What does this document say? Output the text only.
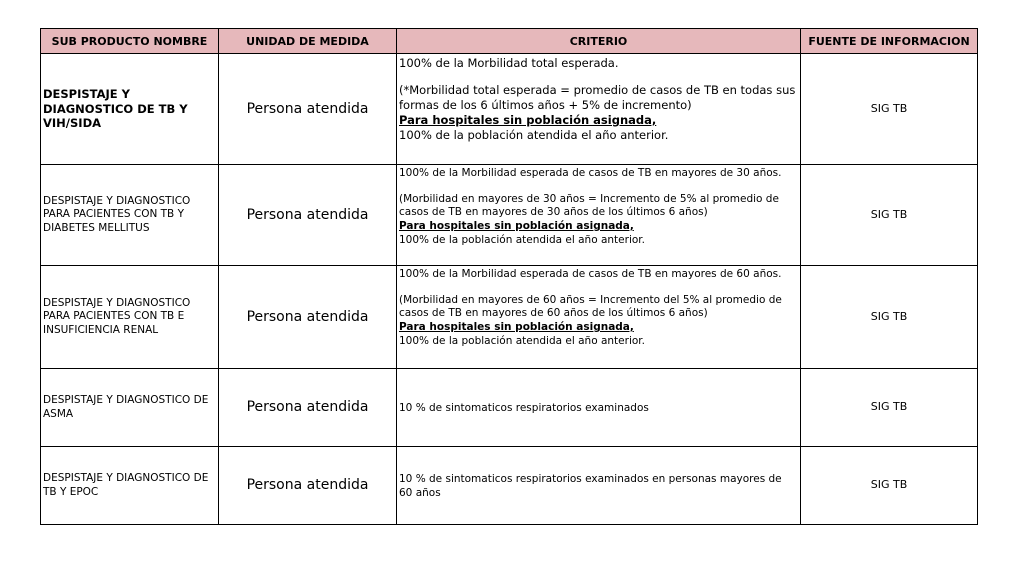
SUB PRODUCTO NOMBRE	UNIDAD DE MEDIDA	CRITERIO	FUENTE DE INFORMACION
DESPISTAJE Y DIAGNOSTICO DE TB Y VIH/SIDA	Persona atendida	100% de la Morbilidad total esperada.
(*Morbilidad total esperada = promedio de casos de TB en todas sus formas de los 6 últimos años + 5% de incremento)
Para hospitales sin población asignada,
100% de la población atendida el año anterior.	SIG TB
DESPISTAJE Y DIAGNOSTICO PARA PACIENTES CON TB Y DIABETES MELLITUS	Persona atendida	100% de la Morbilidad esperada de casos de TB en mayores de 30 años.
(Morbilidad en mayores de 30 años = Incremento de 5% al promedio de casos de TB en mayores de 30 años de los últimos 6 años)
Para hospitales sin población asignada,
100% de la población atendida el año anterior.	SIG TB
DESPISTAJE Y DIAGNOSTICO PARA PACIENTES CON TB E INSUFICIENCIA RENAL	Persona atendida	100% de la Morbilidad esperada de casos de TB en mayores de 60 años.
(Morbilidad en mayores de 60 años = Incremento del 5% al promedio de casos de TB en mayores de 60 años de los últimos 6 años)
Para hospitales sin población asignada,
100% de la población atendida el año anterior.	SIG TB
DESPISTAJE Y DIAGNOSTICO DE ASMA	Persona atendida	10 % de sintomaticos respiratorios examinados	SIG TB
DESPISTAJE Y DIAGNOSTICO DE TB Y EPOC	Persona atendida	10 % de sintomaticos respiratorios examinados en personas mayores de 60 años	SIG TB
